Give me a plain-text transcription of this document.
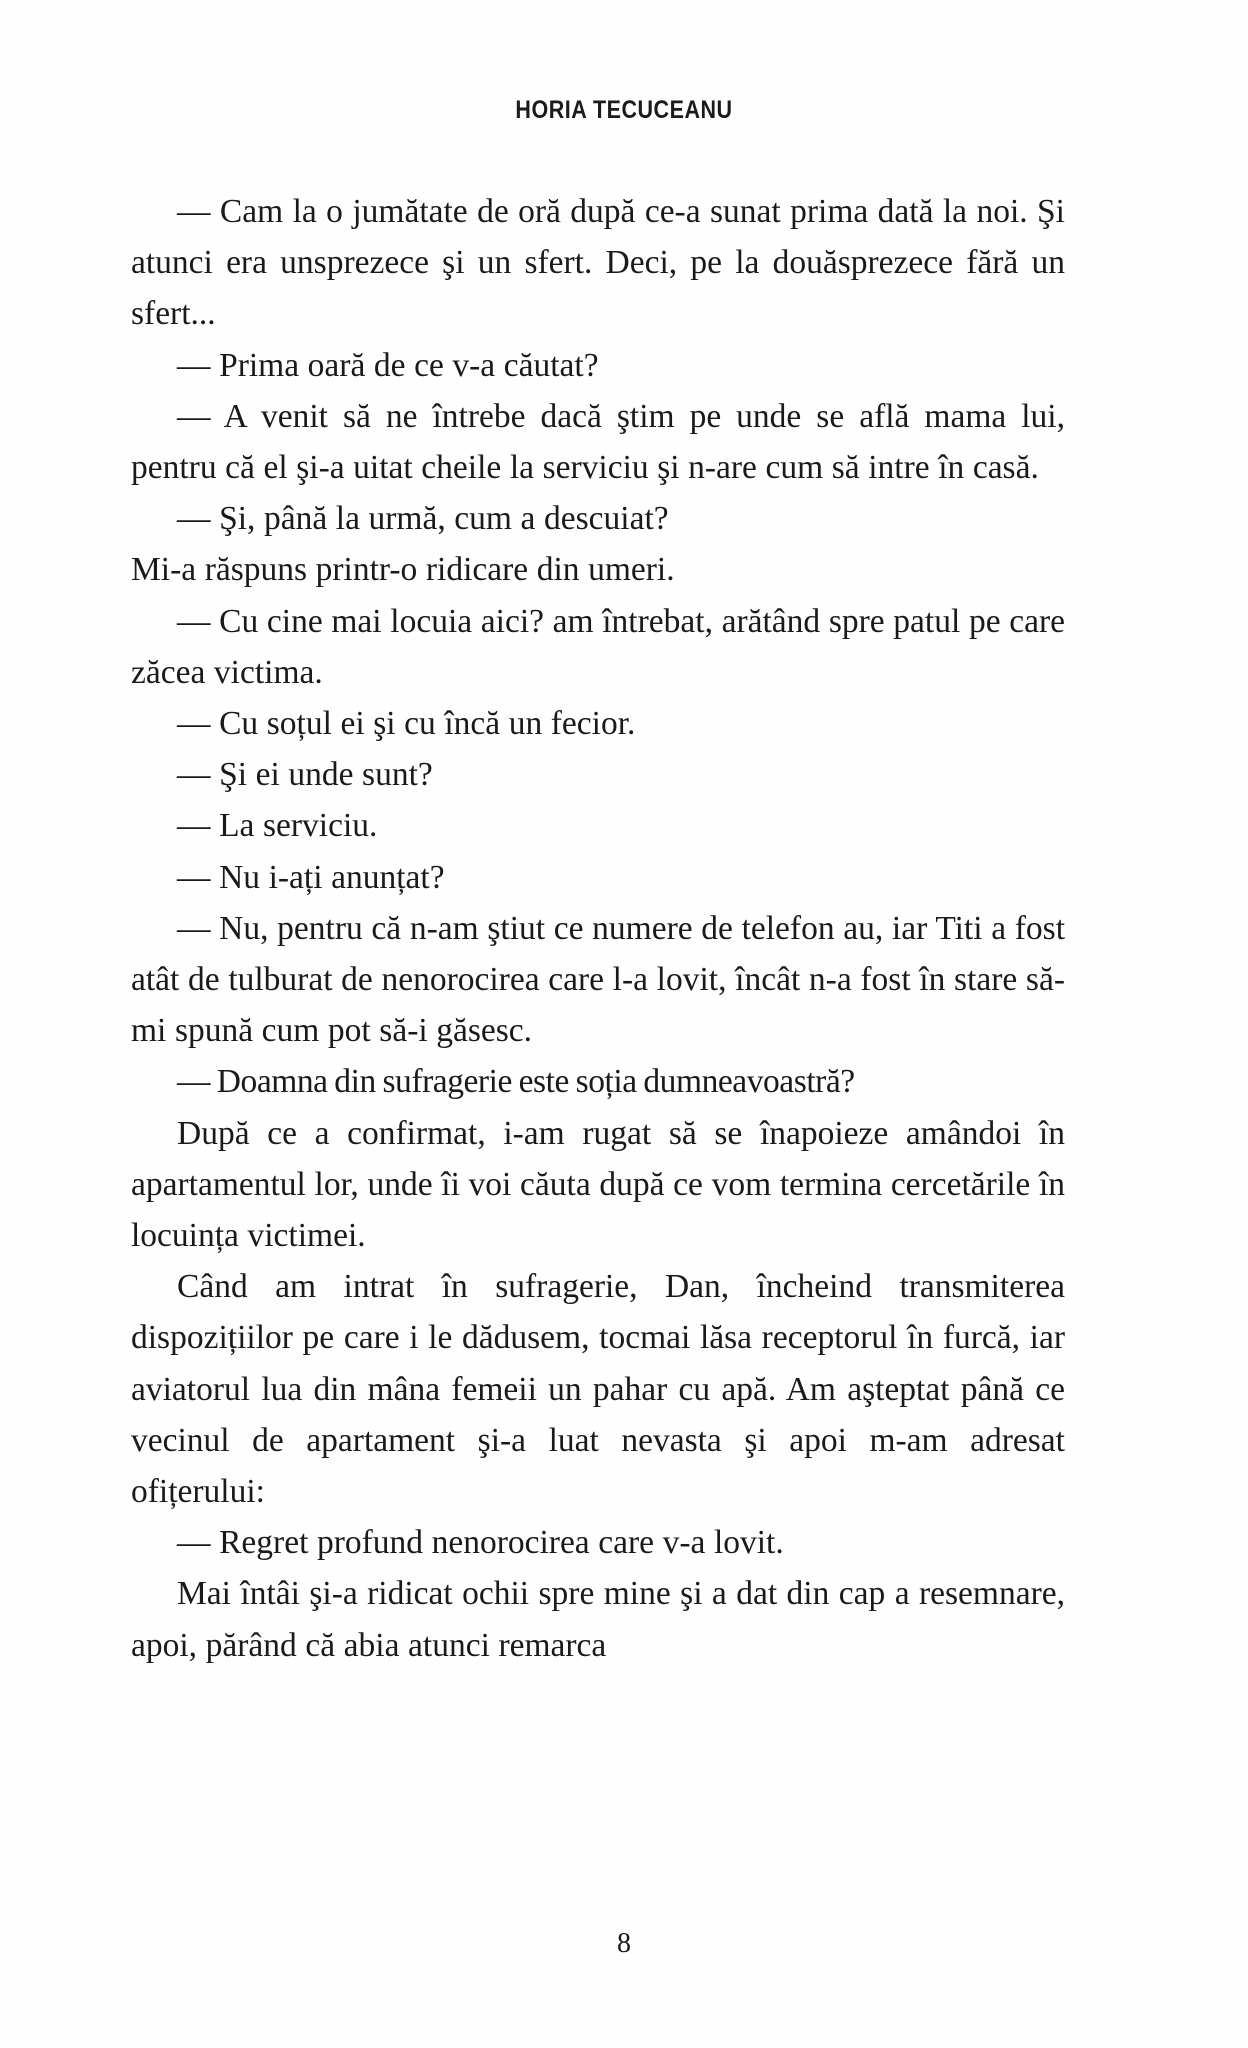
HORIA TECUCEANU

— Cam la o jumătate de oră după ce-a sunat prima dată la noi. Şi atunci era unsprezece şi un sfert. Deci, pe la douăsprezece fără un sfert...

— Prima oară de ce v-a căutat?

— A venit să ne întrebe dacă ştim pe unde se află mama lui, pentru că el şi-a uitat cheile la serviciu şi n-are cum să intre în casă.

— Şi, până la urmă, cum a descuiat?

Mi-a răspuns printr-o ridicare din umeri.

— Cu cine mai locuia aici? am întrebat, arătând spre patul pe care zăcea victima.

— Cu soțul ei şi cu încă un fecior.

— Şi ei unde sunt?

— La serviciu.

— Nu i-ați anunțat?

— Nu, pentru că n-am ştiut ce numere de telefon au, iar Titi a fost atât de tulburat de nenorocirea care l-a lovit, încât n-a fost în stare să-mi spună cum pot să-i găsesc.

— Doamna din sufragerie este soția dumneavoastră?

După ce a confirmat, i-am rugat să se înapoieze amândoi în apartamentul lor, unde îi voi căuta după ce vom termina cercetările în locuința victimei.

Când am intrat în sufragerie, Dan, încheind transmiterea dispozițiilor pe care i le dădusem, tocmai lăsa receptorul în furcă, iar aviatorul lua din mâna femeii un pahar cu apă. Am aşteptat până ce vecinul de apartament şi-a luat nevasta şi apoi m-am adresat ofițerului:

— Regret profund nenorocirea care v-a lovit.

Mai întâi şi-a ridicat ochii spre mine şi a dat din cap a resemnare, apoi, părând că abia atunci remarca

8
